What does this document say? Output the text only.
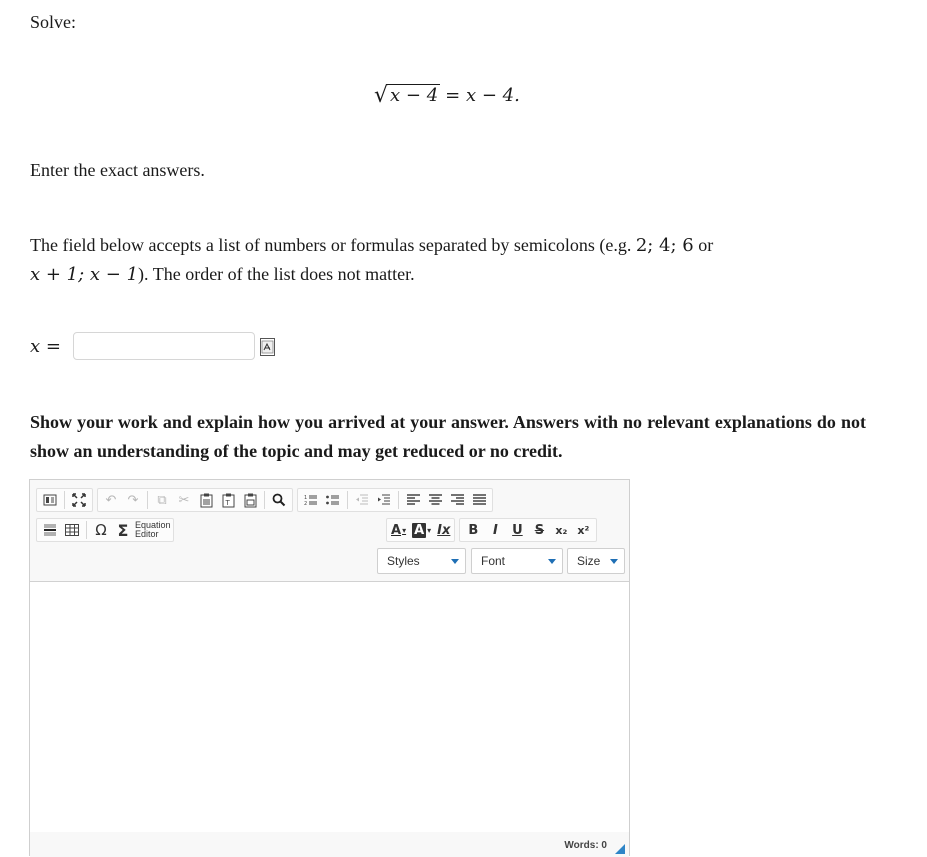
Solve:
√ x − 4 = x − 4.
Enter the exact answers.
The field below accepts a list of numbers or formulas separated by semicolons (e.g. 2; 4; 6 or
x + 1; x − 1). The order of the list does not matter.
x =
Show your work and explain how you arrived at your answer. Answers with no relevant explanations do not show an understanding of the topic and may get reduced or no credit.
↶ ↷	⧉ ✂	T
1
2
Ω Σ Equation
Editor	A ▾ A ▾ Ix	B	I	U S	x₂ x²
Styles	Font	Size
Words: 0
